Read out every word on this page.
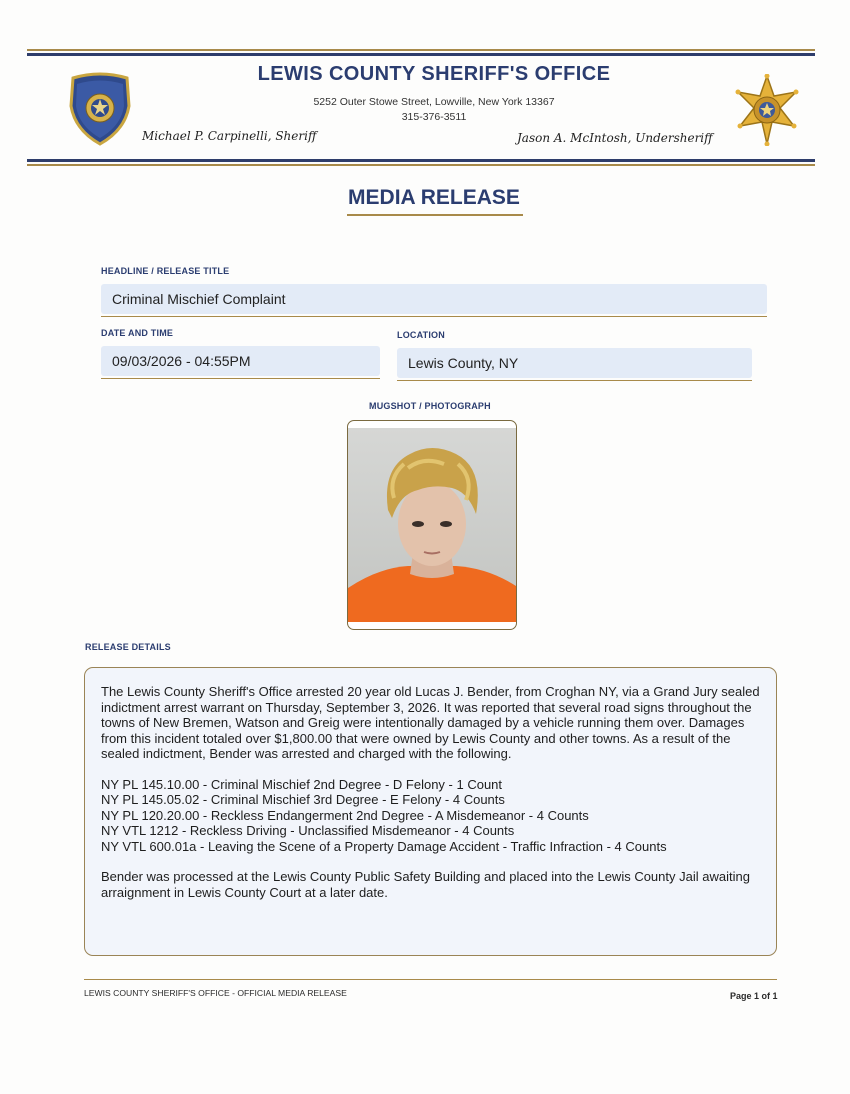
LEWIS COUNTY SHERIFF'S OFFICE
5252 Outer Stowe Street, Lowville, New York 13367
315-376-3511
Michael P. Carpinelli, Sheriff	Jason A. McIntosh, Undersheriff
MEDIA RELEASE
HEADLINE / RELEASE TITLE
Criminal Mischief Complaint
DATE AND TIME
09/03/2026 - 04:55PM
LOCATION
Lewis County, NY
MUGSHOT / PHOTOGRAPH
RELEASE DETAILS

The Lewis County Sheriff's Office arrested 20 year old Lucas J. Bender, from Croghan NY, via a Grand Jury sealed indictment arrest warrant on Thursday, September 3, 2026. It was reported that several road signs throughout the towns of New Bremen, Watson and Greig were intentionally damaged by a vehicle running them over. Damages from this incident totaled over $1,800.00 that were owned by Lewis County and other towns. As a result of the sealed indictment, Bender was arrested and charged with the following.

NY PL 145.10.00 - Criminal Mischief 2nd Degree - D Felony - 1 Count

NY PL 145.05.02 - Criminal Mischief 3rd Degree - E Felony - 4 Counts

NY PL 120.20.00 - Reckless Endangerment 2nd Degree - A Misdemeanor - 4 Counts

NY VTL 1212 - Reckless Driving - Unclassified Misdemeanor - 4 Counts

NY VTL 600.01a - Leaving the Scene of a Property Damage Accident - Traffic Infraction - 4 Counts

Bender was processed at the Lewis County Public Safety Building and placed into the Lewis County Jail awaiting arraignment in Lewis County Court at a later date.

LEWIS COUNTY SHERIFF'S OFFICE - OFFICIAL MEDIA RELEASE	Page 1 of 1
